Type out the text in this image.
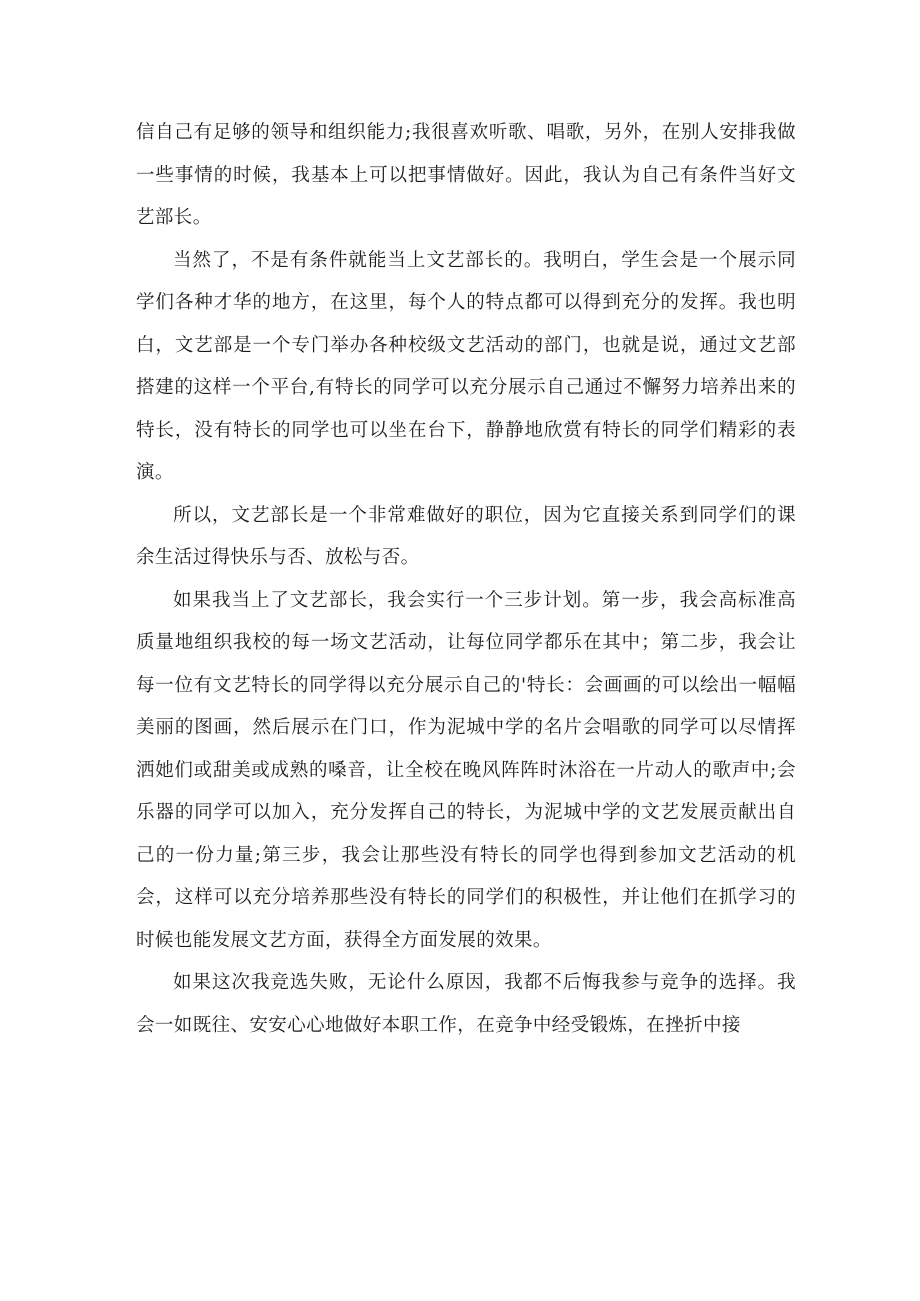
信自己有足够的领导和组织能力;我很喜欢听歌、唱歌，另外，在别人安排我做一些事情的时候，我基本上可以把事情做好。因此，我认为自己有条件当好文艺部长。

当然了，不是有条件就能当上文艺部长的。我明白，学生会是一个展示同学们各种才华的地方，在这里，每个人的特点都可以得到充分的发挥。我也明白，文艺部是一个专门举办各种校级文艺活动的部门，也就是说，通过文艺部搭建的这样一个平台,有特长的同学可以充分展示自己通过不懈努力培养出来的特长，没有特长的同学也可以坐在台下，静静地欣赏有特长的同学们精彩的表演。

所以，文艺部长是一个非常难做好的职位，因为它直接关系到同学们的课余生活过得快乐与否、放松与否。

如果我当上了文艺部长，我会实行一个三步计划。第一步，我会高标准高质量地组织我校的每一场文艺活动，让每位同学都乐在其中；第二步，我会让每一位有文艺特长的同学得以充分展示自己的'特长：会画画的可以绘出一幅幅美丽的图画，然后展示在门口，作为泥城中学的名片会唱歌的同学可以尽情挥洒她们或甜美或成熟的嗓音，让全校在晚风阵阵时沐浴在一片动人的歌声中;会乐器的同学可以加入，充分发挥自己的特长，为泥城中学的文艺发展贡献出自己的一份力量;第三步，我会让那些没有特长的同学也得到参加文艺活动的机会，这样可以充分培养那些没有特长的同学们的积极性，并让他们在抓学习的时候也能发展文艺方面，获得全方面发展的效果。

如果这次我竞选失败，无论什么原因，我都不后悔我参与竞争的选择。我会一如既往、安安心心地做好本职工作，在竞争中经受锻炼，在挫折中接
